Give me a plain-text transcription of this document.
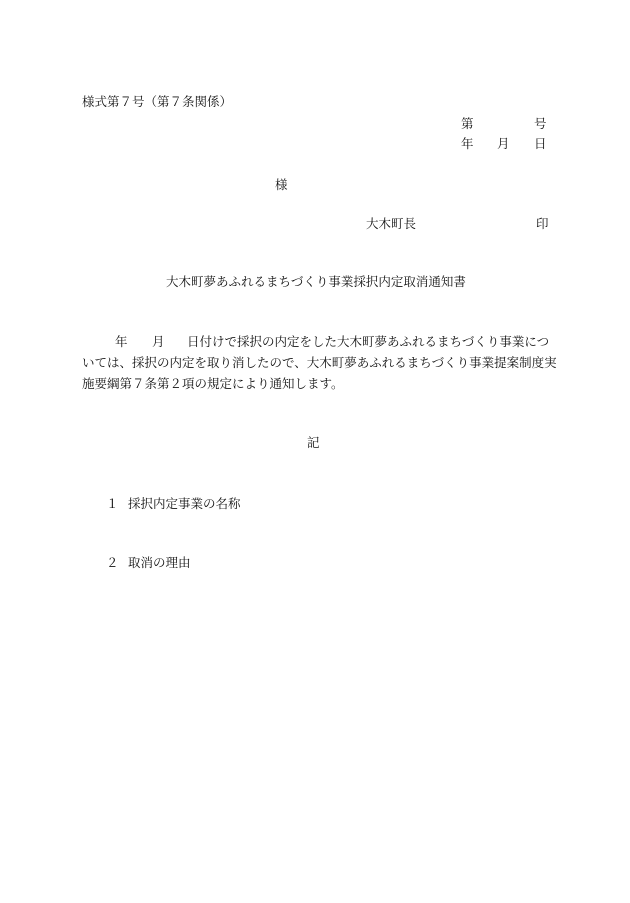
様式第７号（第７条関係）
第	号
年 月 日
様
大木町長	印
大木町夢あふれるまちづくり事業採択内定取消通知書
年 月 日付けで採択の内定をした大木町夢あふれるまちづくり事業につ
いては、採択の内定を取り消したので、大木町夢あふれるまちづくり事業提案制度実
施要綱第７条第２項の規定により通知します。
記
１ 採択内定事業の名称
２ 取消の理由
